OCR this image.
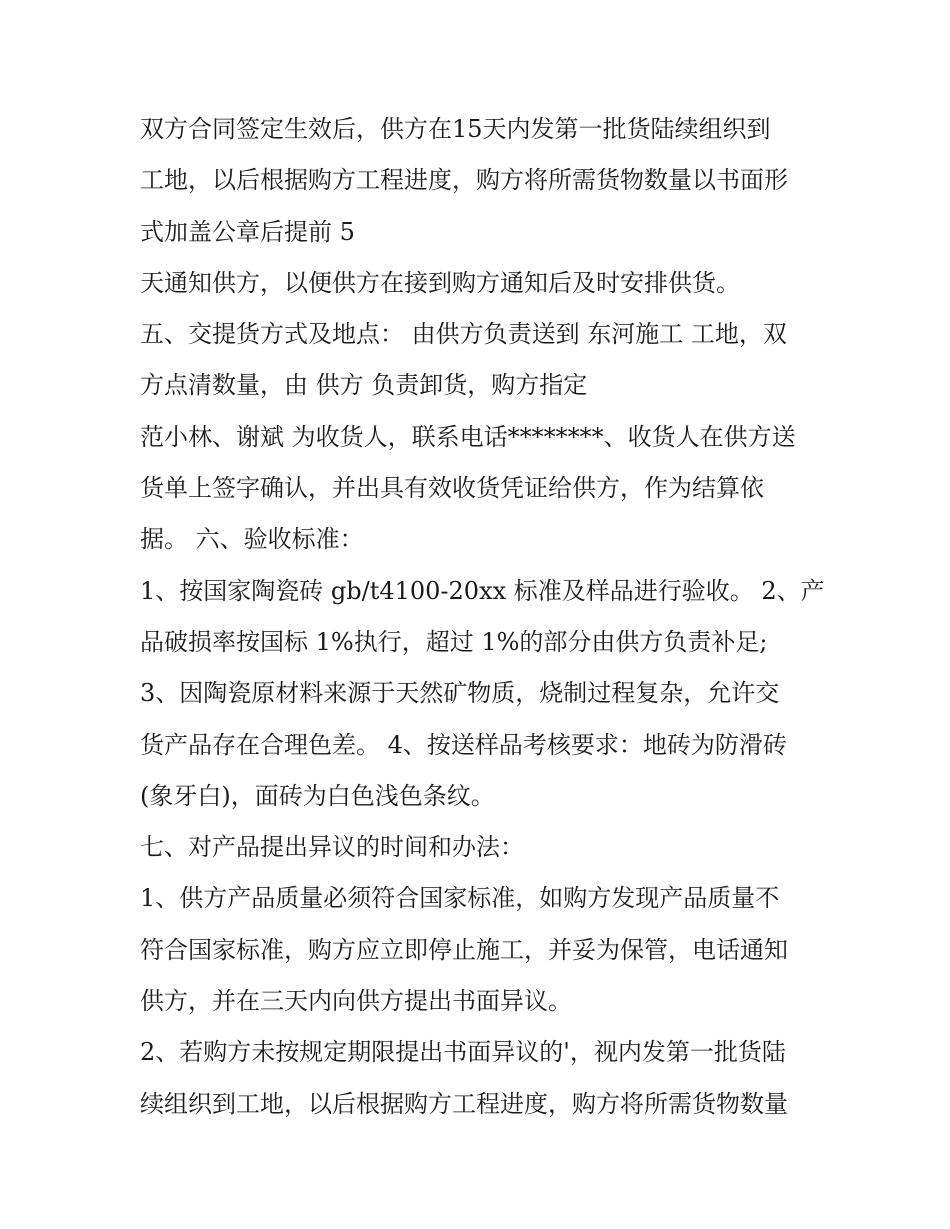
双方合同签定生效后，供方在15天内发第一批货陆续组织到
工地，以后根据购方工程进度，购方将所需货物数量以书面形
式加盖公章后提前 5
天通知供方，以便供方在接到购方通知后及时安排供货。
五、交提货方式及地点： 由供方负责送到 东河施工 工地，双
方点清数量，由 供方 负责卸货，购方指定
范小林、谢斌 为收货人，联系电话********、收货人在供方送
货单上签字确认，并出具有效收货凭证给供方，作为结算依
据。 六、验收标准：
1、按国家陶瓷砖 gb/t4100-20xx 标准及样品进行验收。 2、产
品破损率按国标 1%执行，超过 1%的部分由供方负责补足;
3、因陶瓷原材料来源于天然矿物质，烧制过程复杂，允许交
货产品存在合理色差。 4、按送样品考核要求：地砖为防滑砖
(象牙白)，面砖为白色浅色条纹。
七、对产品提出异议的时间和办法：
1、供方产品质量必须符合国家标准，如购方发现产品质量不
符合国家标准，购方应立即停止施工，并妥为保管，电话通知
供方，并在三天内向供方提出书面异议。
2、若购方未按规定期限提出书面异议的'，视内发第一批货陆
续组织到工地，以后根据购方工程进度，购方将所需货物数量
